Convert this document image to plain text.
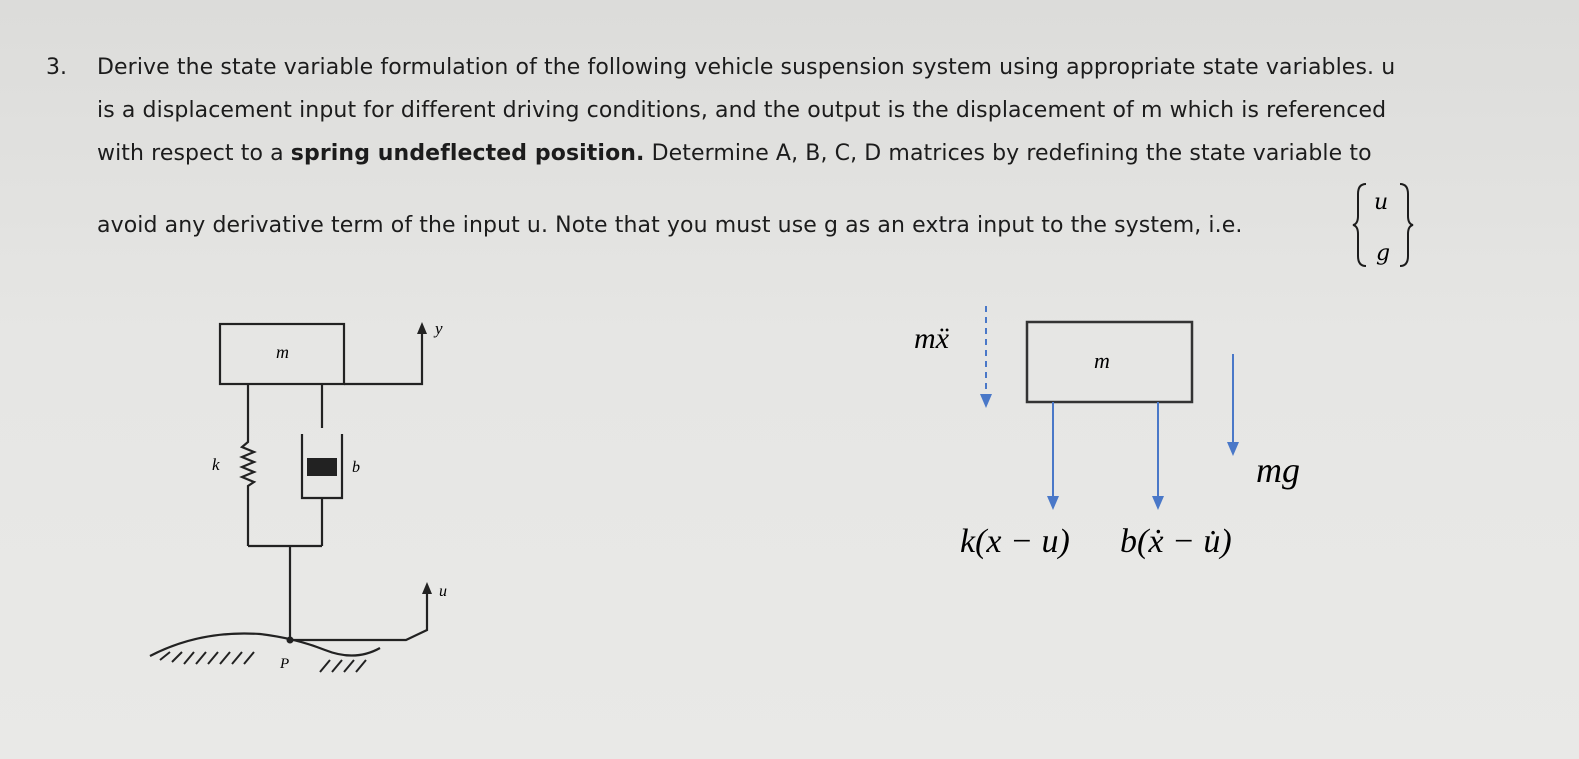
3. Derive the state variable formulation of the following vehicle suspension system using appropriate state variables. u
is a displacement input for different driving conditions, and the output is the displacement of m which is referenced
with respect to a spring undeflected position. Determine A, B, C, D matrices by redefining the state variable to
avoid any derivative term of the input u. Note that you must use g as an extra input to the system, i.e.
u
g
m
y
k	b
u
P
m
mẍ
mg
k(x − u) b(ẋ − u̇)
